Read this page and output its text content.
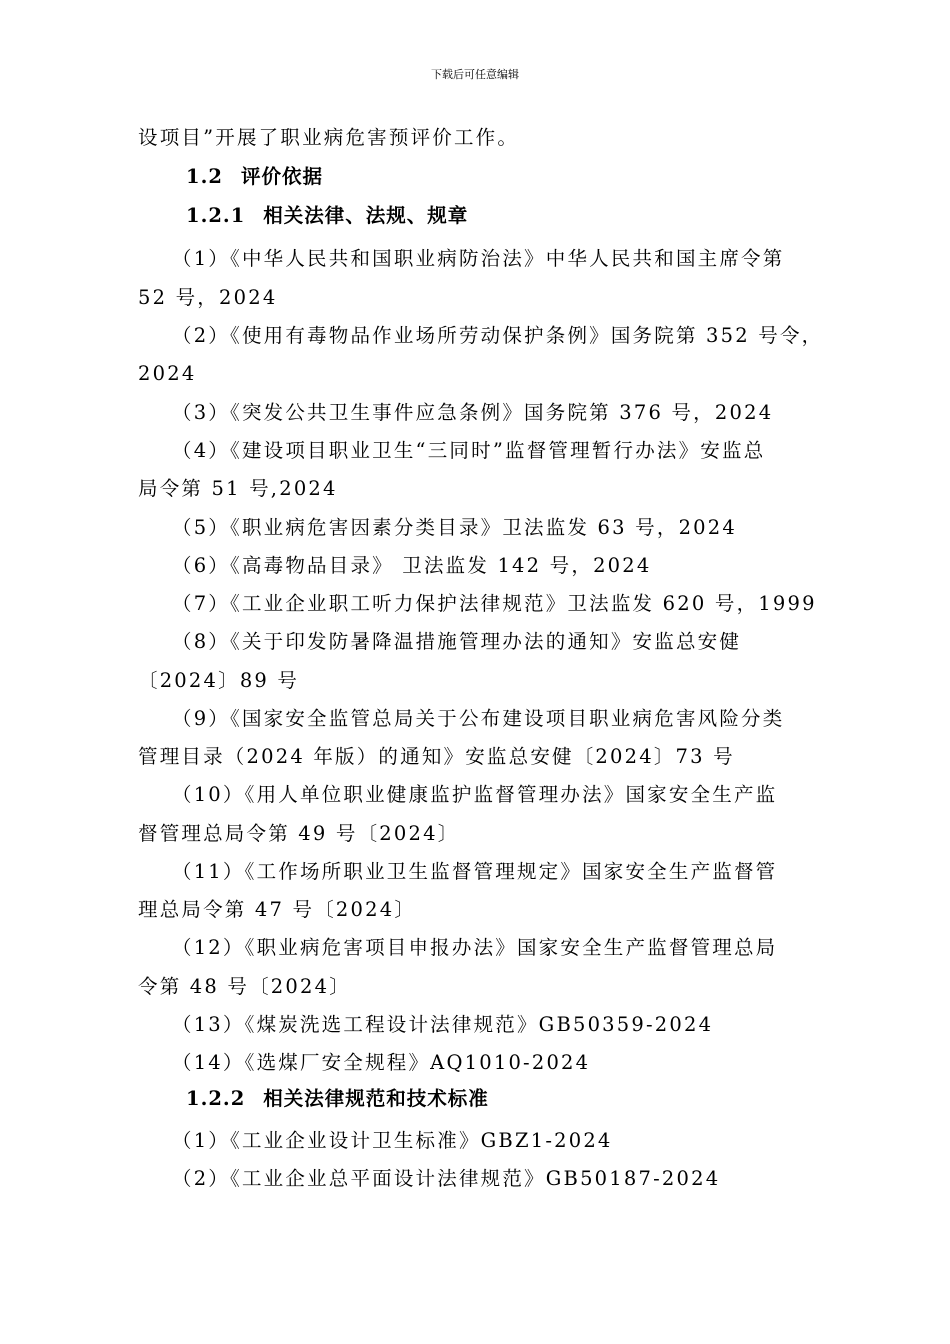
下载后可任意编辑
设项目”开展了职业病危害预评价工作。
1.2 评价依据
1.2.1 相关法律、法规、规章
（1）《中华人民共和国职业病防治法》中华人民共和国主席令第
52 号，2024
（2）《使用有毒物品作业场所劳动保护条例》国务院第 352 号令，
2024
（3）《突发公共卫生事件应急条例》国务院第 376 号，2024
（4）《建设项目职业卫生“三同时”监督管理暂行办法》安监总
局令第 51 号,2024
（5）《职业病危害因素分类目录》卫法监发 63 号，2024
（6）《高毒物品目录》 卫法监发 142 号，2024
（7）《工业企业职工听力保护法律规范》卫法监发 620 号，1999
（8）《关于印发防暑降温措施管理办法的通知》安监总安健
〔2024〕89 号
（9）《国家安全监管总局关于公布建设项目职业病危害风险分类
管理目录（2024 年版）的通知》安监总安健〔2024〕73 号
（10）《用人单位职业健康监护监督管理办法》国家安全生产监
督管理总局令第 49 号〔2024〕
（11）《工作场所职业卫生监督管理规定》国家安全生产监督管
理总局令第 47 号〔2024〕
（12）《职业病危害项目申报办法》国家安全生产监督管理总局
令第 48 号〔2024〕
（13）《煤炭洗选工程设计法律规范》GB50359-2024
（14）《选煤厂安全规程》AQ1010-2024
1.2.2 相关法律规范和技术标准
（1）《工业企业设计卫生标准》GBZ1-2024
（2）《工业企业总平面设计法律规范》GB50187-2024
